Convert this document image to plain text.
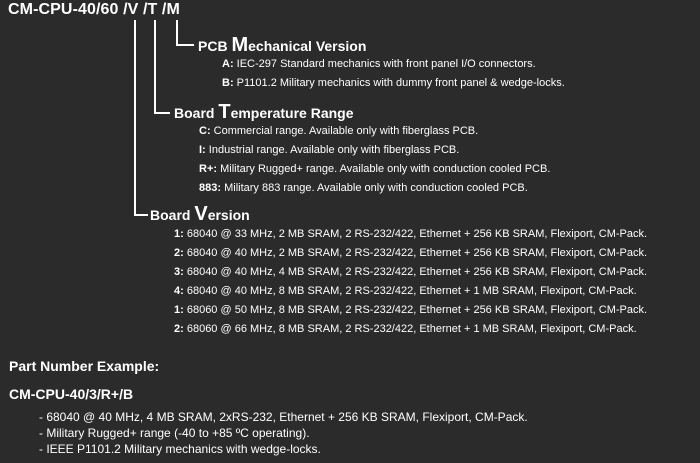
CM-CPU-40/60 /V /T /M
PCB Mechanical Version
A: IEC-297 Standard mechanics with front panel I/O connectors.
B: P1101.2 Military mechanics with dummy front panel & wedge-locks.
Board Temperature Range
C: Commercial range. Available only with fiberglass PCB.
I: Industrial range. Available only with fiberglass PCB.
R+: Military Rugged+ range. Available only with conduction cooled PCB.
883: Military 883 range. Available only with conduction cooled PCB.
Board Version
1: 68040 @ 33 MHz, 2 MB SRAM, 2 RS-232/422, Ethernet + 256 KB SRAM, Flexiport, CM-Pack.
2: 68040 @ 40 MHz, 2 MB SRAM, 2 RS-232/422, Ethernet + 256 KB SRAM, Flexiport, CM-Pack.
3: 68040 @ 40 MHz, 4 MB SRAM, 2 RS-232/422, Ethernet + 256 KB SRAM, Flexiport, CM-Pack.
4: 68040 @ 40 MHz, 8 MB SRAM, 2 RS-232/422, Ethernet + 1 MB SRAM, Flexiport, CM-Pack.
1: 68060 @ 50 MHz, 8 MB SRAM, 2 RS-232/422, Ethernet + 256 KB SRAM, Flexiport, CM-Pack.
2: 68060 @ 66 MHz, 8 MB SRAM, 2 RS-232/422, Ethernet + 1 MB SRAM, Flexiport, CM-Pack.
Part Number Example:
CM-CPU-40/3/R+/B
- 68040 @ 40 MHz, 4 MB SRAM, 2xRS-232, Ethernet + 256 KB SRAM, Flexiport, CM-Pack.
- Military Rugged+ range (-40 to +85 ºC operating).
- IEEE P1101.2 Military mechanics with wedge-locks.
